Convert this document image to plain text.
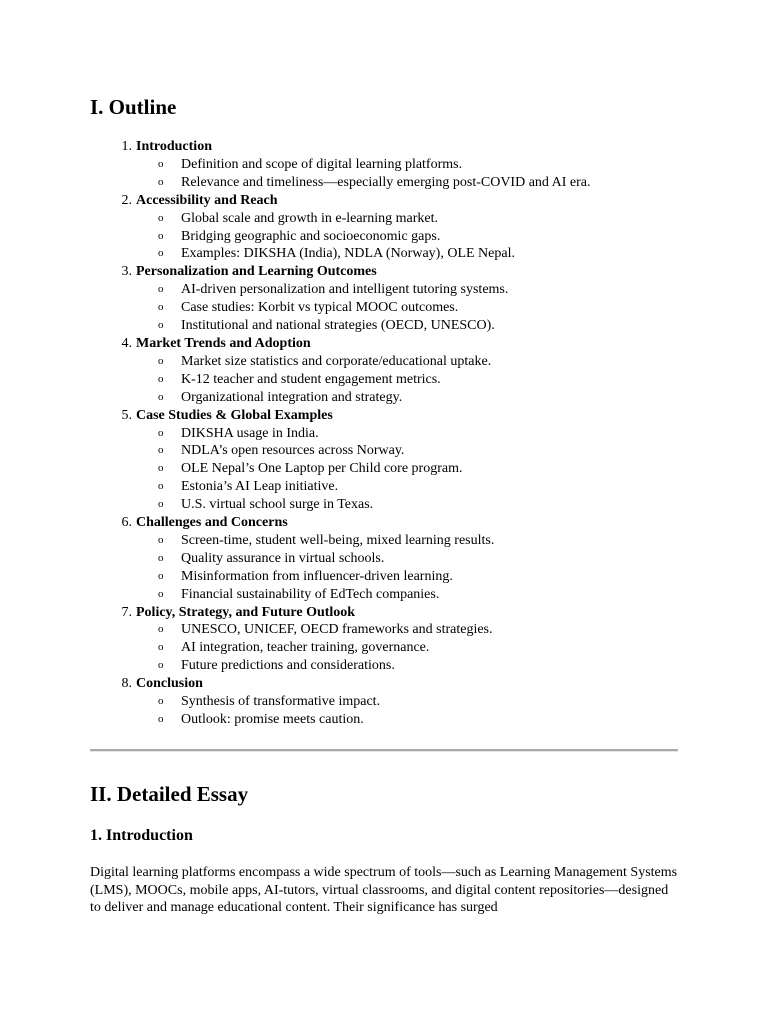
I. Outline
1. Introduction
o Definition and scope of digital learning platforms.
o Relevance and timeliness—especially emerging post-COVID and AI era.
2. Accessibility and Reach
o Global scale and growth in e-learning market.
o Bridging geographic and socioeconomic gaps.
o Examples: DIKSHA (India), NDLA (Norway), OLE Nepal.
3. Personalization and Learning Outcomes
o AI-driven personalization and intelligent tutoring systems.
o Case studies: Korbit vs typical MOOC outcomes.
o Institutional and national strategies (OECD, UNESCO).
4. Market Trends and Adoption
o Market size statistics and corporate/educational uptake.
o K-12 teacher and student engagement metrics.
o Organizational integration and strategy.
5. Case Studies & Global Examples
o DIKSHA usage in India.
o NDLA’s open resources across Norway.
o OLE Nepal’s One Laptop per Child core program.
o Estonia’s AI Leap initiative.
o U.S. virtual school surge in Texas.
6. Challenges and Concerns
o Screen-time, student well-being, mixed learning results.
o Quality assurance in virtual schools.
o Misinformation from influencer-driven learning.
o Financial sustainability of EdTech companies.
7. Policy, Strategy, and Future Outlook
o UNESCO, UNICEF, OECD frameworks and strategies.
o AI integration, teacher training, governance.
o Future predictions and considerations.
8. Conclusion
o Synthesis of transformative impact.
o Outlook: promise meets caution.
II. Detailed Essay
1. Introduction

Digital learning platforms encompass a wide spectrum of tools—such as Learning Management Systems (LMS), MOOCs, mobile apps, AI-tutors, virtual classrooms, and digital content repositories—designed to deliver and manage educational content. Their significance has surged
